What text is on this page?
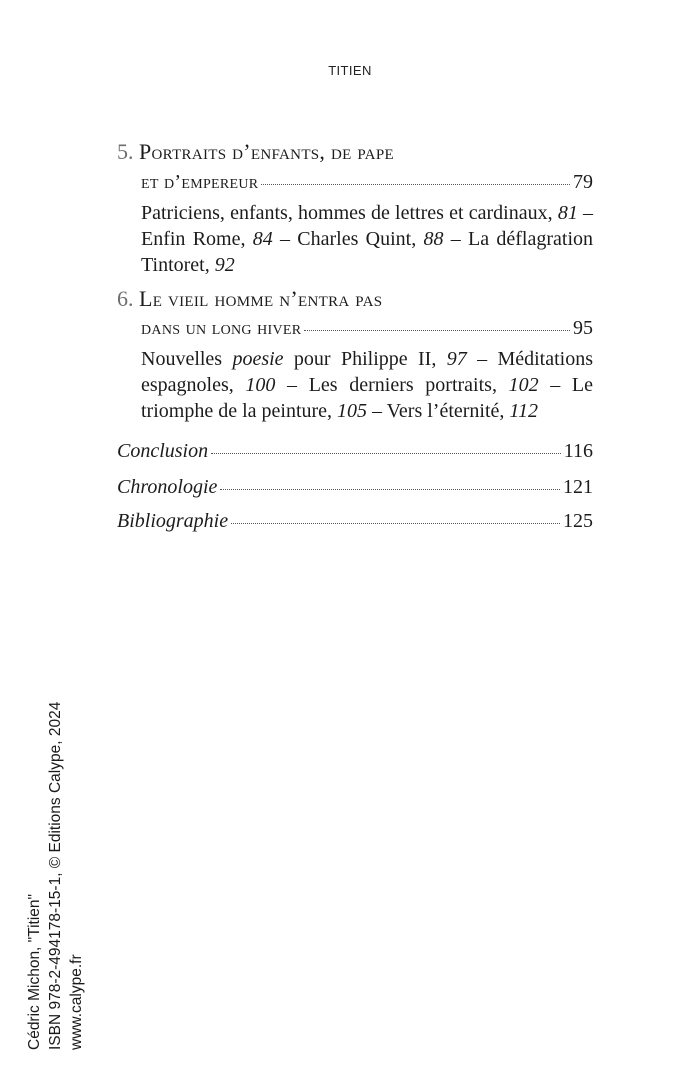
TITIEN
5. Portraits d’enfants, de pape
et d’empereur	79
Patriciens, enfants, hommes de lettres et cardinaux, 81 – Enfin Rome, 84 – Charles Quint, 88 – La déflagration Tintoret, 92
6. Le vieil homme n’entra pas
dans un long hiver	95
Nouvelles poesie pour Philippe II, 97 – Méditations espagnoles, 100 – Les derniers portraits, 102 – Le triomphe de la peinture, 105 – Vers l’éternité, 112
Conclusion	116
Chronologie	121
Bibliographie	125
Cédric Michon, "Titien" ISBN 978-2-494178-15-1, © Editions Calype, 2024 www.calype.fr
